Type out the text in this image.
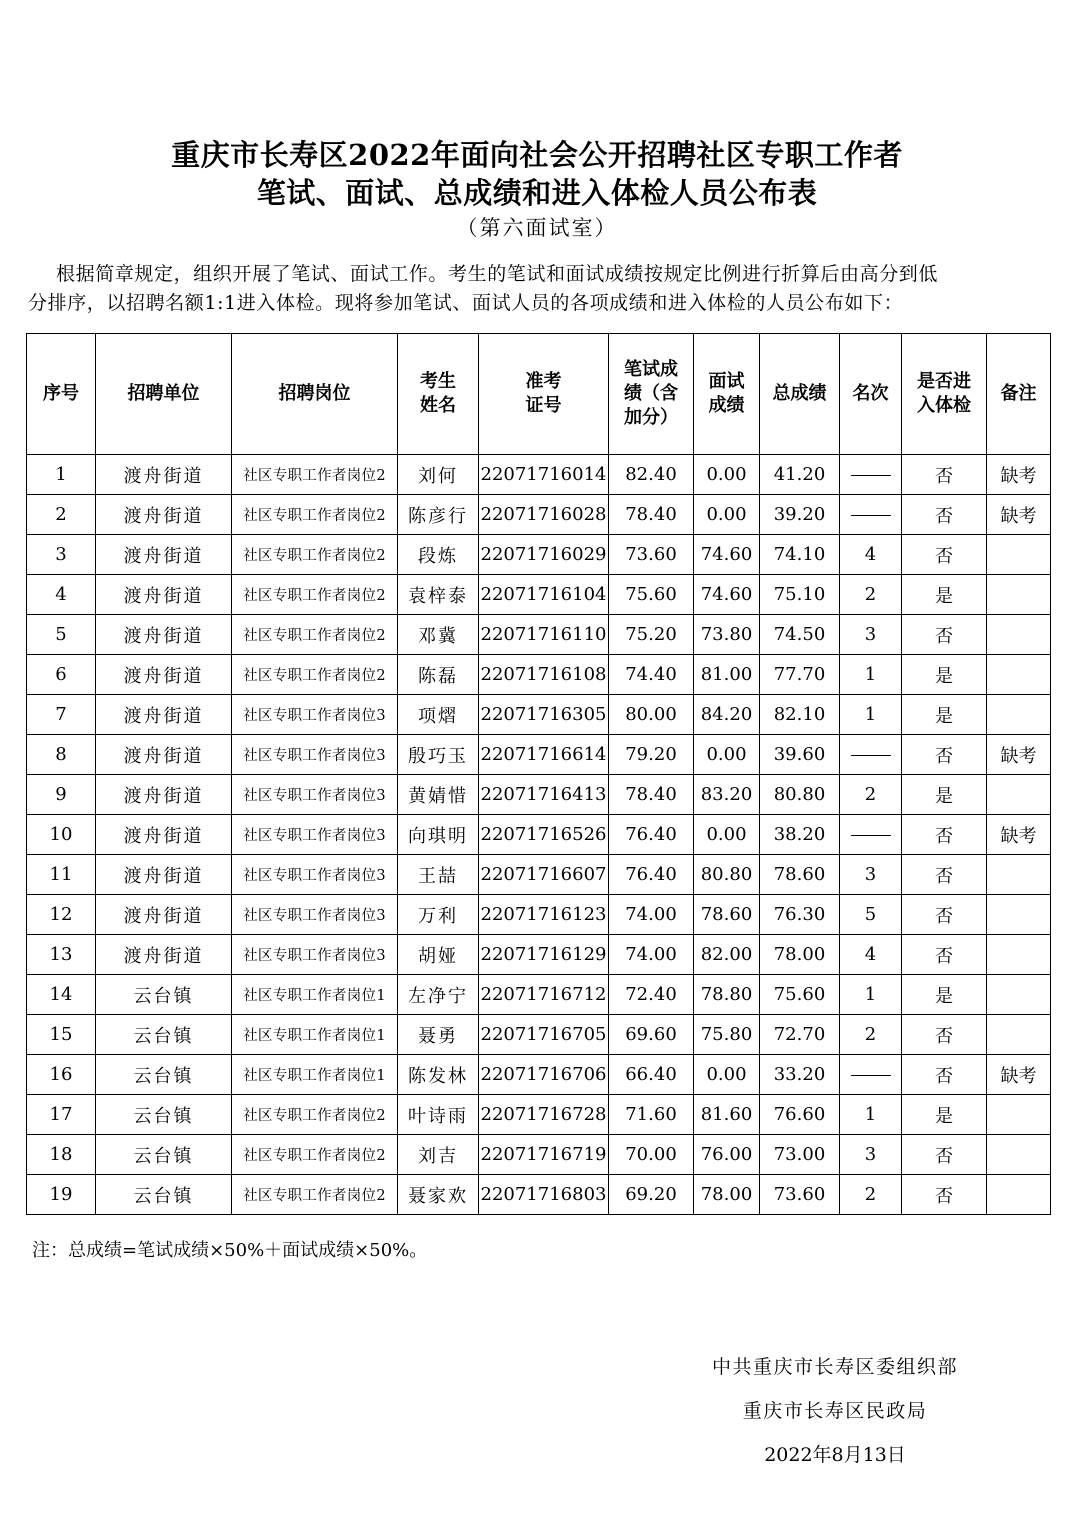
重庆市长寿区2022年面向社会公开招聘社区专职工作者
笔试、面试、总成绩和进入体检人员公布表
（第六面试室）

根据简章规定，组织开展了笔试、面试工作。考生的笔试和面试成绩按规定比例进行折算后由高分到低

分排序，以招聘名额1:1进入体检。现将参加笔试、面试人员的各项成绩和进入体检的人员公布如下：

序号	招聘单位	招聘岗位	考生姓名	准考证号	笔试成绩（含加分）	面试成绩	总成绩	名次	是否进入体检	备注
1	渡舟街道	社区专职工作者岗位2	刘何	22071716014	82.40	0.00	41.20		否	缺考
2	渡舟街道	社区专职工作者岗位2	陈彦行	22071716028	78.40	0.00	39.20		否	缺考
3	渡舟街道	社区专职工作者岗位2	段炼	22071716029	73.60	74.60	74.10	4	否	
4	渡舟街道	社区专职工作者岗位2	袁梓泰	22071716104	75.60	74.60	75.10	2	是	
5	渡舟街道	社区专职工作者岗位2	邓冀	22071716110	75.20	73.80	74.50	3	否	
6	渡舟街道	社区专职工作者岗位2	陈磊	22071716108	74.40	81.00	77.70	1	是	
7	渡舟街道	社区专职工作者岗位3	项熠	22071716305	80.00	84.20	82.10	1	是	
8	渡舟街道	社区专职工作者岗位3	殷巧玉	22071716614	79.20	0.00	39.60		否	缺考
9	渡舟街道	社区专职工作者岗位3	黄婧惜	22071716413	78.40	83.20	80.80	2	是	
10	渡舟街道	社区专职工作者岗位3	向琪明	22071716526	76.40	0.00	38.20		否	缺考
11	渡舟街道	社区专职工作者岗位3	王喆	22071716607	76.40	80.80	78.60	3	否	
12	渡舟街道	社区专职工作者岗位3	万利	22071716123	74.00	78.60	76.30	5	否	
13	渡舟街道	社区专职工作者岗位3	胡娅	22071716129	74.00	82.00	78.00	4	否	
14	云台镇	社区专职工作者岗位1	左净宁	22071716712	72.40	78.80	75.60	1	是	
15	云台镇	社区专职工作者岗位1	聂勇	22071716705	69.60	75.80	72.70	2	否	
16	云台镇	社区专职工作者岗位1	陈发林	22071716706	66.40	0.00	33.20		否	缺考
17	云台镇	社区专职工作者岗位2	叶诗雨	22071716728	71.60	81.60	76.60	1	是	
18	云台镇	社区专职工作者岗位2	刘吉	22071716719	70.00	76.00	73.00	3	否	
19	云台镇	社区专职工作者岗位2	聂家欢	22071716803	69.20	78.00	73.60	2	否	
注：总成绩=笔试成绩×50%＋面试成绩×50%。
中共重庆市长寿区委组织部
重庆市长寿区民政局
2022年8月13日
